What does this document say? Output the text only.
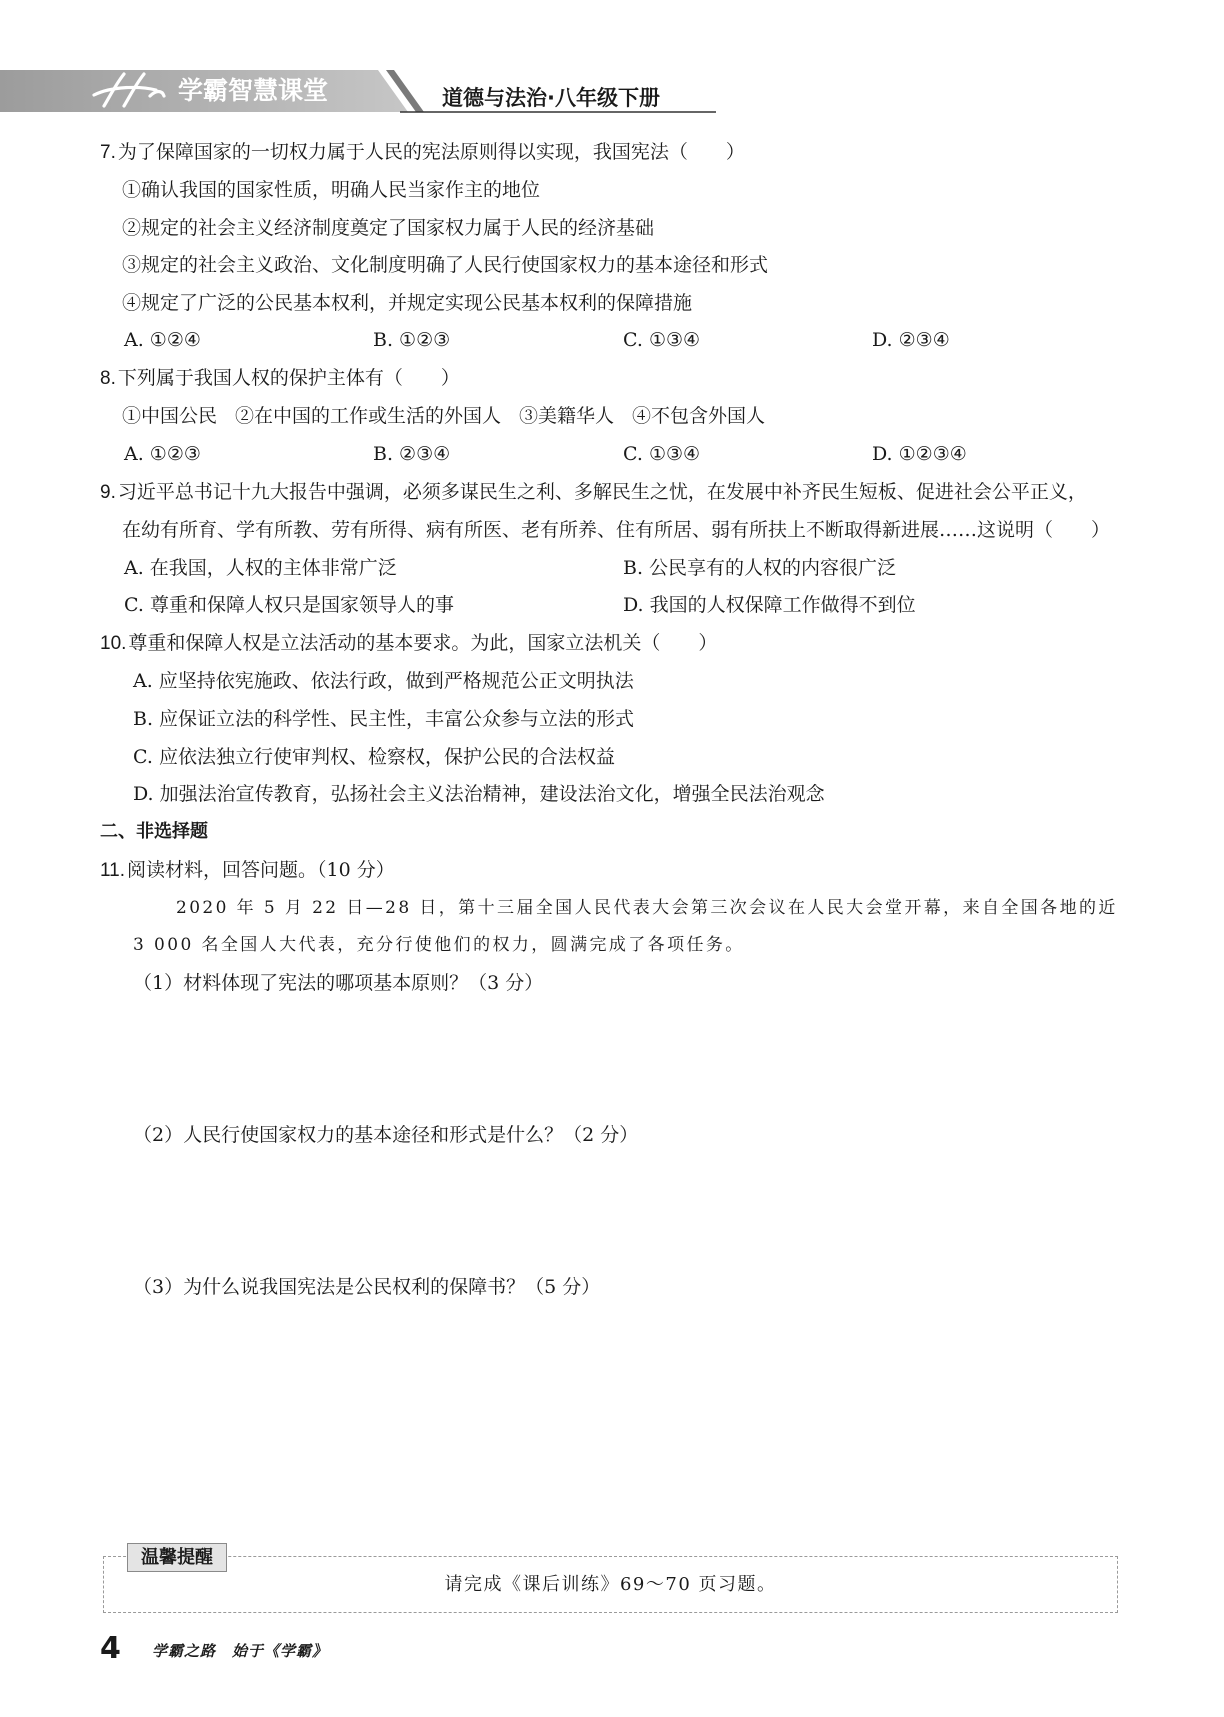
学霸智慧课堂	道德与法治·八年级下册
7. 为了保障国家的一切权力属于人民的宪法原则得以实现，我国宪法（　　）
①确认我国的国家性质，明确人民当家作主的地位
②规定的社会主义经济制度奠定了国家权力属于人民的经济基础
③规定的社会主义政治、文化制度明确了人民行使国家权力的基本途径和形式
④规定了广泛的公民基本权利，并规定实现公民基本权利的保障措施
A. ①②④	B. ①②③	C. ①③④	D. ②③④
8. 下列属于我国人权的保护主体有（　　）
①中国公民 ②在中国的工作或生活的外国人 ③美籍华人 ④不包含外国人
A. ①②③	B. ②③④	C. ①③④	D. ①②③④
9. 习近平总书记十九大报告中强调，必须多谋民生之利、多解民生之忧，在发展中补齐民生短板、促进社会公平正义，
在幼有所育、学有所教、劳有所得、病有所医、老有所养、住有所居、弱有所扶上不断取得新进展……这说明（　　）
A. 在我国，人权的主体非常广泛	B. 公民享有的人权的内容很广泛
C. 尊重和保障人权只是国家领导人的事	D. 我国的人权保障工作做得不到位
10. 尊重和保障人权是立法活动的基本要求。为此，国家立法机关（　　）
A. 应坚持依宪施政、依法行政，做到严格规范公正文明执法
B. 应保证立法的科学性、民主性，丰富公众参与立法的形式
C. 应依法独立行使审判权、检察权，保护公民的合法权益
D. 加强法治宣传教育，弘扬社会主义法治精神，建设法治文化，增强全民法治观念
二、非选择题
11. 阅读材料，回答问题。（10 分）
2020 年 5 月 22 日—28 日，第十三届全国人民代表大会第三次会议在人民大会堂开幕，来自全国各地的近
3 000 名全国人大代表，充分行使他们的权力，圆满完成了各项任务。
（1）材料体现了宪法的哪项基本原则？（3 分）
（2）人民行使国家权力的基本途径和形式是什么？（2 分）
（3）为什么说我国宪法是公民权利的保障书？（5 分）
温馨提醒
请完成《课后训练》69～70 页习题。
4 学霸之路　始于《学霸》
